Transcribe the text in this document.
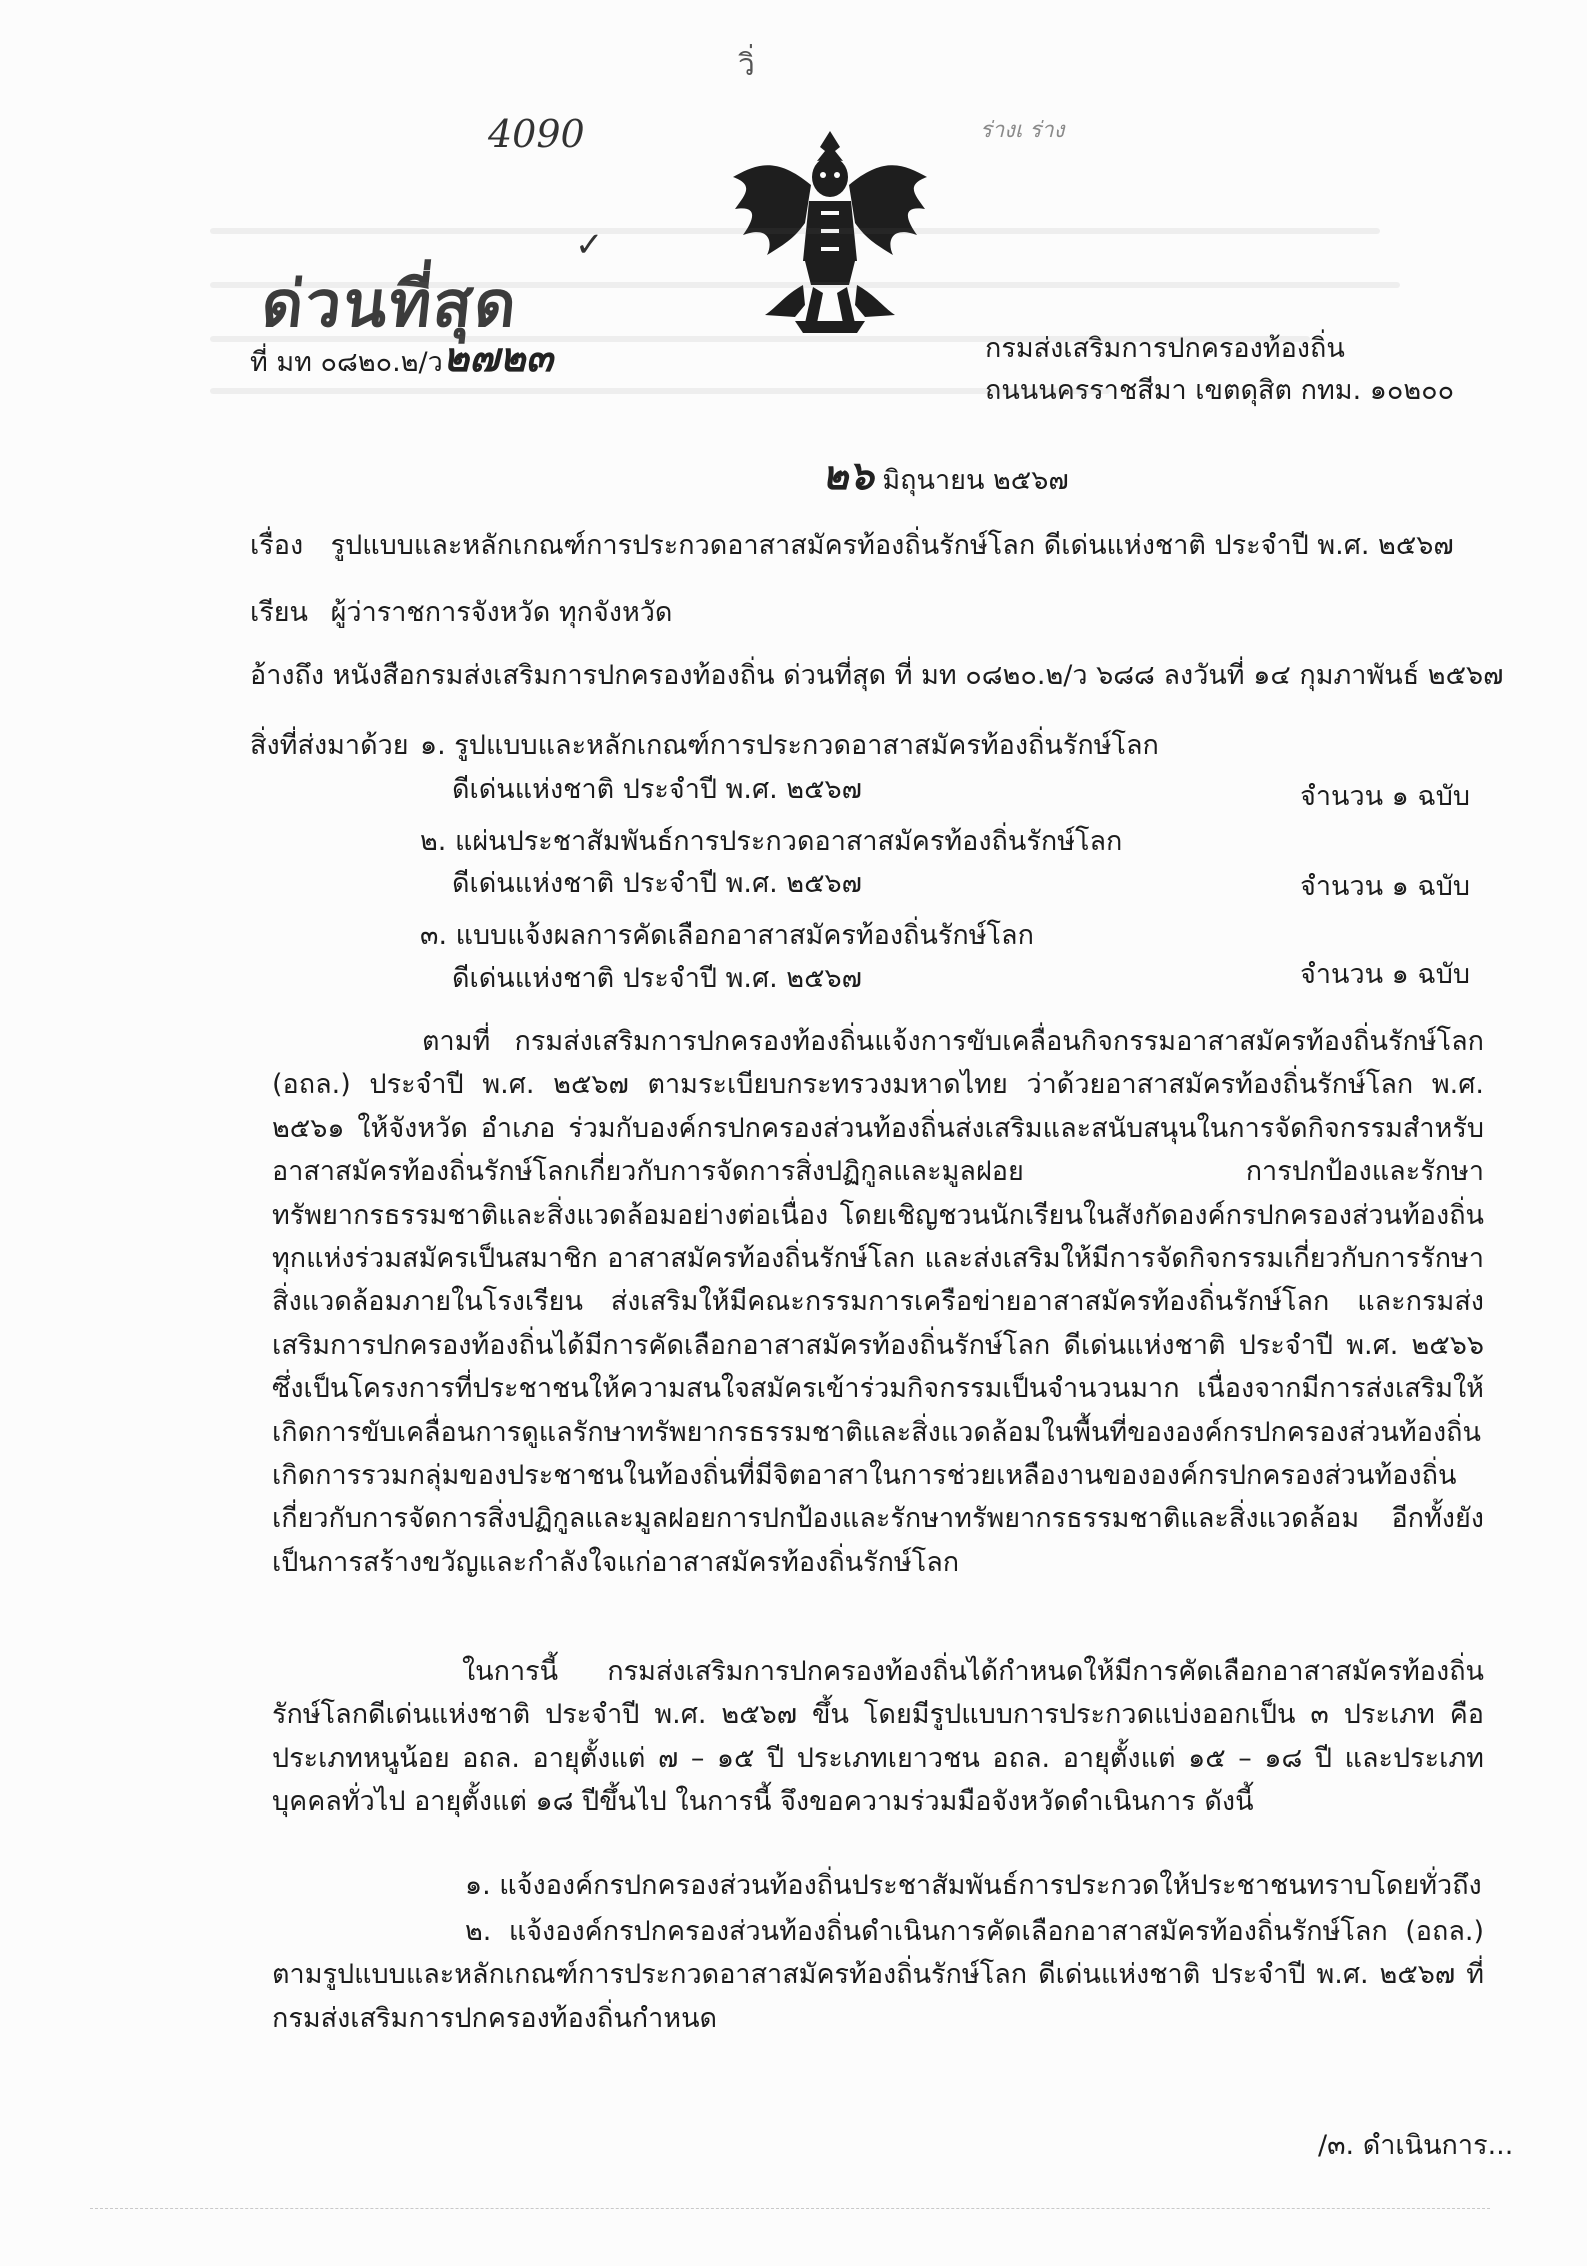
วิ่
4090	ร่างเ ร่าง
ด่วนที่สุด
✓
ที่ มท ๐๘๒๐.๒/ว๒๗๒๓	กรมส่งเสริมการปกครองท้องถิ่น
ถนนนครราชสีมา เขตดุสิต กทม. ๑๐๒๐๐
๒๖ มิถุนายน ๒๕๖๗
เรื่อง รูปแบบและหลักเกณฑ์การประกวดอาสาสมัครท้องถิ่นรักษ์โลก ดีเด่นแห่งชาติ ประจำปี พ.ศ. ๒๕๖๗
เรียน ผู้ว่าราชการจังหวัด ทุกจังหวัด
อ้างถึง หนังสือกรมส่งเสริมการปกครองท้องถิ่น ด่วนที่สุด ที่ มท ๐๘๒๐.๒/ว ๖๘๘ ลงวันที่ ๑๔ กุมภาพันธ์ ๒๕๖๗
สิ่งที่ส่งมาด้วย ๑. รูปแบบและหลักเกณฑ์การประกวดอาสาสมัครท้องถิ่นรักษ์โลก
ดีเด่นแห่งชาติ ประจำปี พ.ศ. ๒๕๖๗	จำนวน ๑ ฉบับ
๒. แผ่นประชาสัมพันธ์การประกวดอาสาสมัครท้องถิ่นรักษ์โลก
ดีเด่นแห่งชาติ ประจำปี พ.ศ. ๒๕๖๗	จำนวน ๑ ฉบับ
๓. แบบแจ้งผลการคัดเลือกอาสาสมัครท้องถิ่นรักษ์โลก
ดีเด่นแห่งชาติ ประจำปี พ.ศ. ๒๕๖๗	จำนวน ๑ ฉบับ
ตามที่ กรมส่งเสริมการปกครองท้องถิ่นแจ้งการขับเคลื่อนกิจกรรมอาสาสมัครท้องถิ่นรักษ์โลก (อถล.) ประจำปี พ.ศ. ๒๕๖๗ ตามระเบียบกระทรวงมหาดไทย ว่าด้วยอาสาสมัครท้องถิ่นรักษ์โลก พ.ศ. ๒๕๖๑ ให้จังหวัด อำเภอ ร่วมกับองค์กรปกครองส่วนท้องถิ่นส่งเสริมและสนับสนุนในการจัดกิจกรรมสำหรับอาสาสมัครท้องถิ่นรักษ์โลกเกี่ยวกับการจัดการสิ่งปฏิกูลและมูลฝอย การปกป้องและรักษาทรัพยากรธรรมชาติและสิ่งแวดล้อมอย่างต่อเนื่อง โดยเชิญชวนนักเรียนในสังกัดองค์กรปกครองส่วนท้องถิ่นทุกแห่งร่วมสมัครเป็นสมาชิก อาสาสมัครท้องถิ่นรักษ์โลก และส่งเสริมให้มีการจัดกิจกรรมเกี่ยวกับการรักษาสิ่งแวดล้อมภายในโรงเรียน ส่งเสริมให้มีคณะกรรมการเครือข่ายอาสาสมัครท้องถิ่นรักษ์โลก และกรมส่งเสริมการปกครองท้องถิ่นได้มีการคัดเลือกอาสาสมัครท้องถิ่นรักษ์โลก ดีเด่นแห่งชาติ ประจำปี พ.ศ. ๒๕๖๖ ซึ่งเป็นโครงการที่ประชาชนให้ความสนใจสมัครเข้าร่วมกิจกรรมเป็นจำนวนมาก เนื่องจากมีการส่งเสริมให้เกิดการขับเคลื่อนการดูแลรักษาทรัพยากรธรรมชาติและสิ่งแวดล้อมในพื้นที่ขององค์กรปกครองส่วนท้องถิ่นเกิดการรวมกลุ่มของประชาชนในท้องถิ่นที่มีจิตอาสาในการช่วยเหลืองานขององค์กรปกครองส่วนท้องถิ่น เกี่ยวกับการจัดการสิ่งปฏิกูลและมูลฝอยการปกป้องและรักษาทรัพยากรธรรมชาติและสิ่งแวดล้อม อีกทั้งยังเป็นการสร้างขวัญและกำลังใจแก่อาสาสมัครท้องถิ่นรักษ์โลก
ในการนี้ กรมส่งเสริมการปกครองท้องถิ่นได้กำหนดให้มีการคัดเลือกอาสาสมัครท้องถิ่นรักษ์โลกดีเด่นแห่งชาติ ประจำปี พ.ศ. ๒๕๖๗ ขึ้น โดยมีรูปแบบการประกวดแบ่งออกเป็น ๓ ประเภท คือ ประเภทหนูน้อย อถล. อายุตั้งแต่ ๗ – ๑๕ ปี ประเภทเยาวชน อถล. อายุตั้งแต่ ๑๕ – ๑๘ ปี และประเภทบุคคลทั่วไป อายุตั้งแต่ ๑๘ ปีขึ้นไป ในการนี้ จึงขอความร่วมมือจังหวัดดำเนินการ ดังนี้
๑. แจ้งองค์กรปกครองส่วนท้องถิ่นประชาสัมพันธ์การประกวดให้ประชาชนทราบโดยทั่วถึง
๒. แจ้งองค์กรปกครองส่วนท้องถิ่นดำเนินการคัดเลือกอาสาสมัครท้องถิ่นรักษ์โลก (อถล.) ตามรูปแบบและหลักเกณฑ์การประกวดอาสาสมัครท้องถิ่นรักษ์โลก ดีเด่นแห่งชาติ ประจำปี พ.ศ. ๒๕๖๗ ที่กรมส่งเสริมการปกครองท้องถิ่นกำหนด
/๓. ดำเนินการ...
